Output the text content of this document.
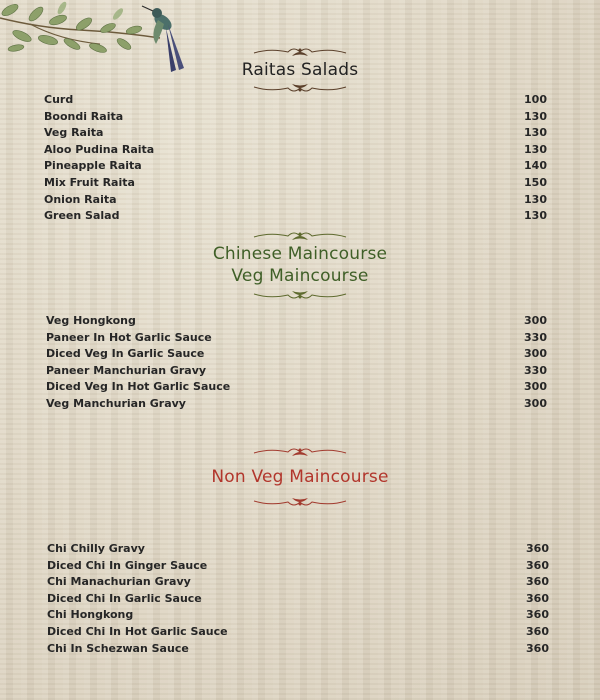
Raitas Salads
Curd	100
Boondi Raita	130
Veg Raita	130
Aloo Pudina Raita	130
Pineapple Raita	140
Mix Fruit Raita	150
Onion Raita	130
Green Salad	130
Chinese Maincourse
Veg Maincourse
Veg Hongkong	300
Paneer In Hot Garlic Sauce	330
Diced Veg In Garlic Sauce	300
Paneer Manchurian Gravy	330
Diced Veg In Hot Garlic Sauce	300
Veg Manchurian Gravy	300
Non Veg Maincourse
Chi Chilly Gravy	360
Diced Chi In Ginger Sauce	360
Chi Manachurian Gravy	360
Diced Chi In Garlic Sauce	360
Chi Hongkong	360
Diced Chi In Hot Garlic Sauce	360
Chi In Schezwan Sauce	360
